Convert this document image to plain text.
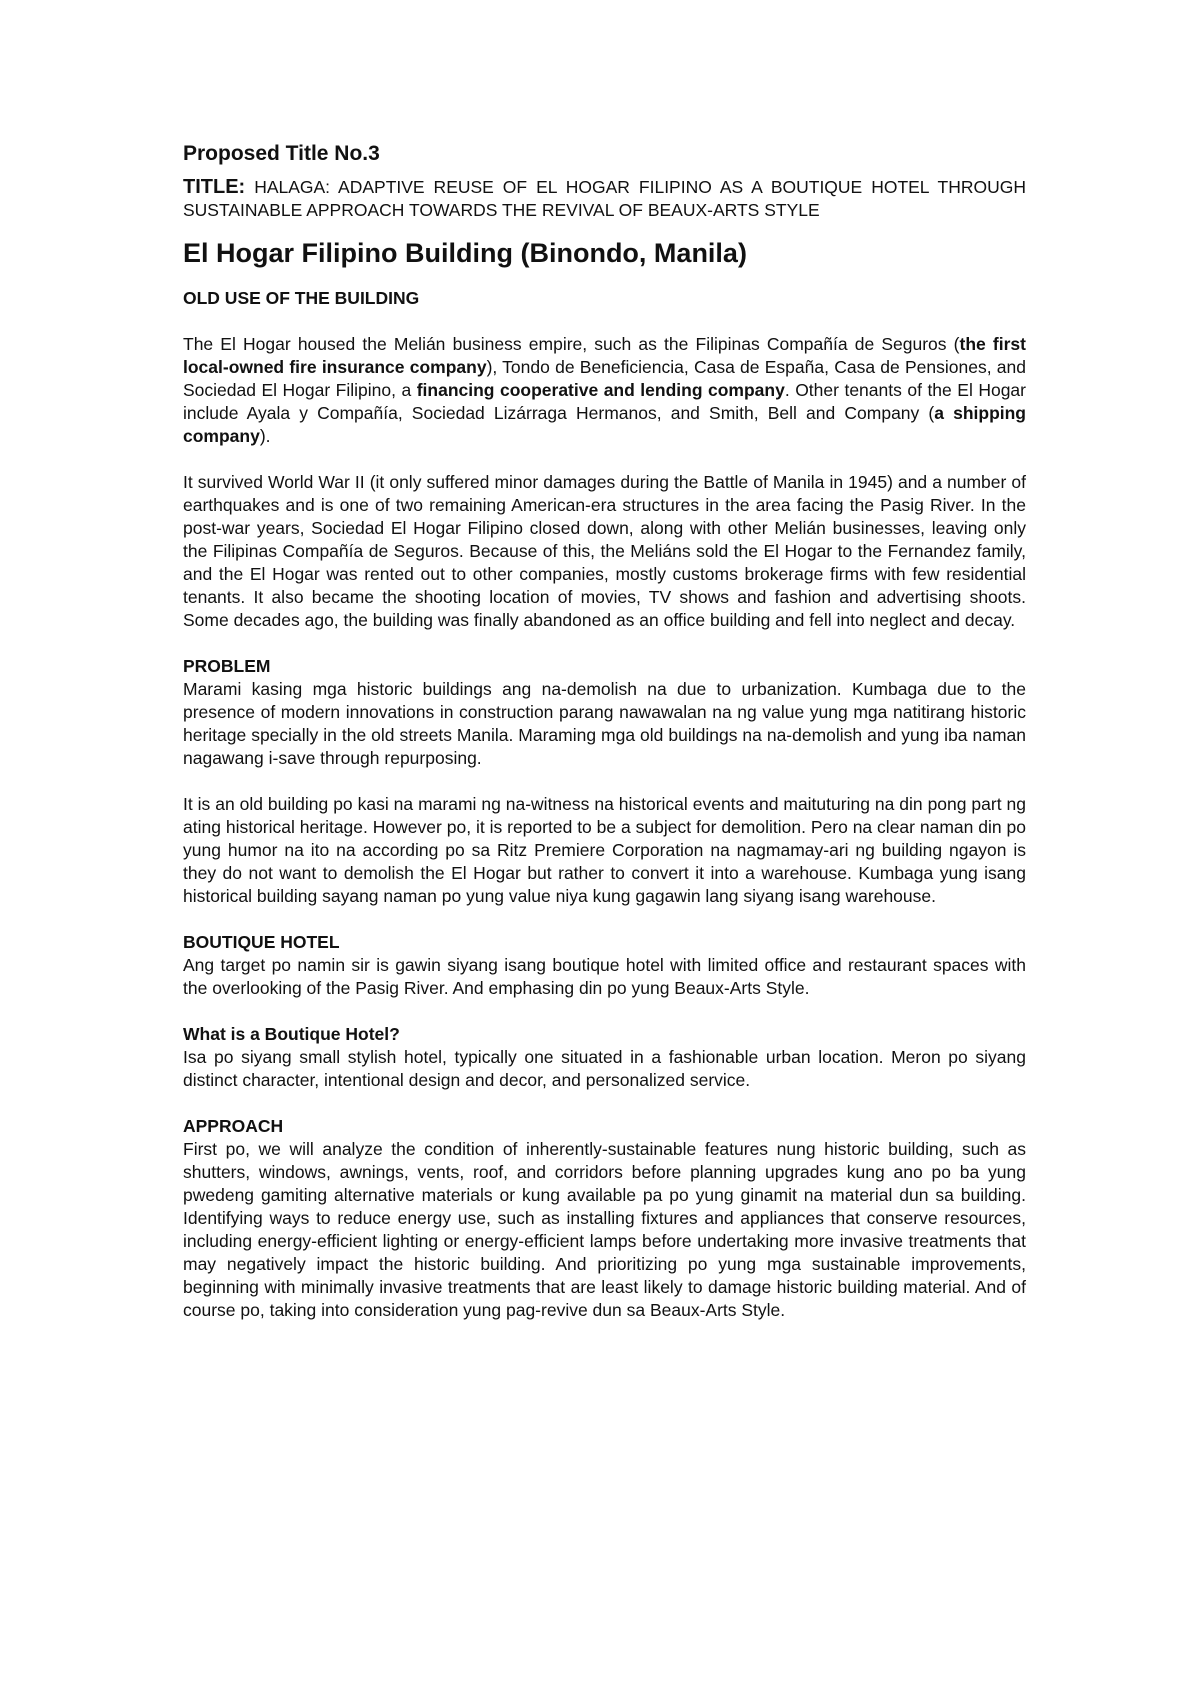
Proposed Title No.3
TITLE: HALAGA: ADAPTIVE REUSE OF EL HOGAR FILIPINO AS A BOUTIQUE HOTEL THROUGH SUSTAINABLE APPROACH TOWARDS THE REVIVAL OF BEAUX-ARTS STYLE
El Hogar Filipino Building (Binondo, Manila)
OLD USE OF THE BUILDING

The El Hogar housed the Melián business empire, such as the Filipinas Compañía de Seguros (the first local-owned fire insurance company), Tondo de Beneficiencia, Casa de España, Casa de Pensiones, and Sociedad El Hogar Filipino, a financing cooperative and lending company. Other tenants of the El Hogar include Ayala y Compañía, Sociedad Lizárraga Hermanos, and Smith, Bell and Company (a shipping company).

It survived World War II (it only suffered minor damages during the Battle of Manila in 1945) and a number of earthquakes and is one of two remaining American-era structures in the area facing the Pasig River. In the post-war years, Sociedad El Hogar Filipino closed down, along with other Melián businesses, leaving only the Filipinas Compañía de Seguros. Because of this, the Meliáns sold the El Hogar to the Fernandez family, and the El Hogar was rented out to other companies, mostly customs brokerage firms with few residential tenants. It also became the shooting location of movies, TV shows and fashion and advertising shoots. Some decades ago, the building was finally abandoned as an office building and fell into neglect and decay.

PROBLEM

Marami kasing mga historic buildings ang na-demolish na due to urbanization. Kumbaga due to the presence of modern innovations in construction parang nawawalan na ng value yung mga natitirang historic heritage specially in the old streets Manila. Maraming mga old buildings na na-demolish and yung iba naman nagawang i-save through repurposing.

It is an old building po kasi na marami ng na-witness na historical events and maituturing na din pong part ng ating historical heritage. However po, it is reported to be a subject for demolition. Pero na clear naman din po yung humor na ito na according po sa Ritz Premiere Corporation na nagmamay-ari ng building ngayon is they do not want to demolish the El Hogar but rather to convert it into a warehouse. Kumbaga yung isang historical building sayang naman po yung value niya kung gagawin lang siyang isang warehouse.

BOUTIQUE HOTEL

Ang target po namin sir is gawin siyang isang boutique hotel with limited office and restaurant spaces with the overlooking of the Pasig River. And emphasing din po yung Beaux-Arts Style.

What is a Boutique Hotel?

Isa po siyang small stylish hotel, typically one situated in a fashionable urban location. Meron po siyang distinct character, intentional design and decor, and personalized service.

APPROACH

First po, we will analyze the condition of inherently-sustainable features nung historic building, such as shutters, windows, awnings, vents, roof, and corridors before planning upgrades kung ano po ba yung pwedeng gamiting alternative materials or kung available pa po yung ginamit na material dun sa building. Identifying ways to reduce energy use, such as installing fixtures and appliances that conserve resources, including energy-efficient lighting or energy-efficient lamps before undertaking more invasive treatments that may negatively impact the historic building. And prioritizing po yung mga sustainable improvements, beginning with minimally invasive treatments that are least likely to damage historic building material. And of course po, taking into consideration yung pag-revive dun sa Beaux-Arts Style.
